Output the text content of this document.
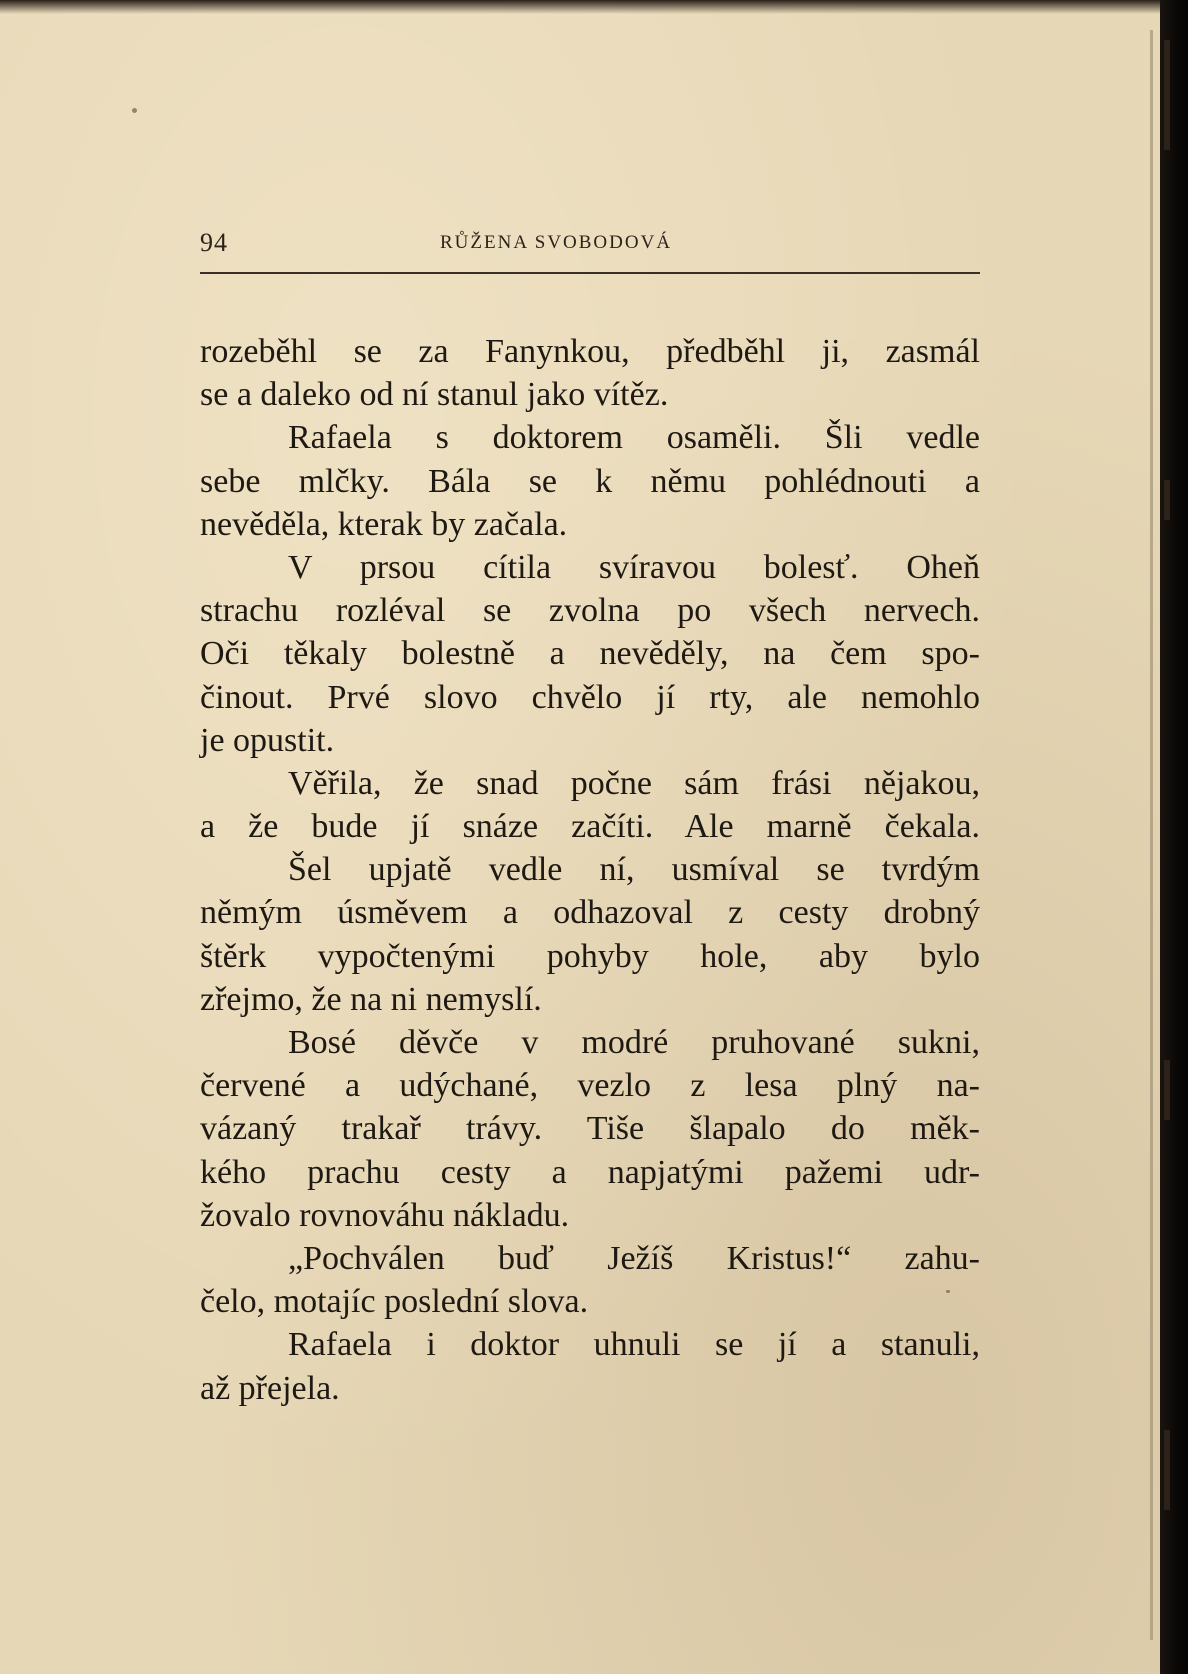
94	RŮŽENA SVOBODOVÁ
rozeběhl se za Fanynkou, předběhl ji, zasmál
se a daleko od ní stanul jako vítěz.
Rafaela s doktorem osaměli. Šli vedle
sebe mlčky. Bála se k němu pohlédnouti a
nevěděla, kterak by začala.
V prsou cítila svíravou bolesť. Oheň
strachu rozléval se zvolna po všech nervech.
Oči těkaly bolestně a nevěděly, na čem spo-
činout. Prvé slovo chvělo jí rty, ale nemohlo
je opustit.
Věřila, že snad počne sám frási nějakou,
a že bude jí snáze začíti. Ale marně čekala.
Šel upjatě vedle ní, usmíval se tvrdým
němým úsměvem a odhazoval z cesty drobný
štěrk vypočtenými pohyby hole, aby bylo
zřejmo, že na ni nemyslí.
Bosé děvče v modré pruhované sukni,
červené a udýchané, vezlo z lesa plný na-
vázaný trakař trávy. Tiše šlapalo do měk-
kého prachu cesty a napjatými pažemi udr-
žovalo rovnováhu nákladu.
„Pochválen buď Ježíš Kristus!“ zahu-
čelo, motajíc poslední slova.
Rafaela i doktor uhnuli se jí a stanuli,
až přejela.
